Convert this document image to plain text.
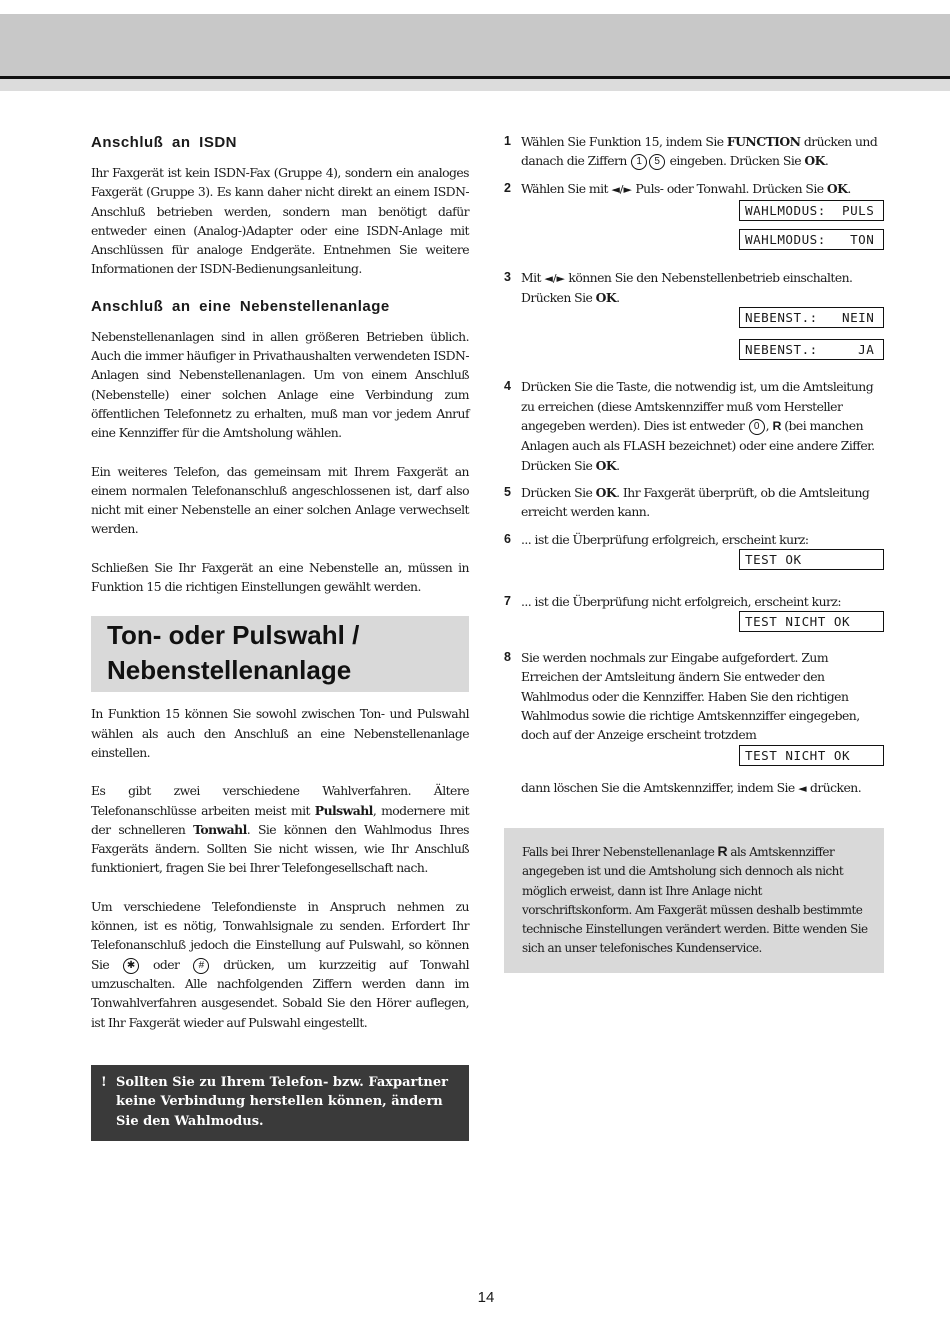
Anschluß an ISDN

Ihr Faxgerät ist kein ISDN-Fax (Gruppe 4), sondern ein analoges Faxgerät (Gruppe 3). Es kann daher nicht direkt an einem ISDN-Anschluß betrieben werden, sondern man benötigt dafür entweder einen (Analog-)Adapter oder eine ISDN-Anlage mit Anschlüssen für analoge Endgeräte. Entnehmen Sie weitere Informationen der ISDN-Bedienungsanleitung.

Anschluß an eine Nebenstellenanlage

Nebenstellenanlagen sind in allen größeren Betrieben üblich. Auch die immer häufiger in Privathaushalten verwendeten ISDN-Anlagen sind Nebenstellenanlagen. Um von einem Anschluß (Nebenstelle) einer solchen Anlage eine Verbindung zum öffentlichen Telefonnetz zu erhalten, muß man vor jedem Anruf eine Kennziffer für die Amtsholung wählen.

Ein weiteres Telefon, das gemeinsam mit Ihrem Faxgerät an einem normalen Telefonanschluß angeschlossenen ist, darf also nicht mit einer Nebenstelle an einer solchen Anlage verwechselt werden.

Schließen Sie Ihr Faxgerät an eine Nebenstelle an, müssen in Funktion 15 die richtigen Einstellungen gewählt werden.

Ton- oder Pulswahl /
Nebenstellenanlage

In Funktion 15 können Sie sowohl zwischen Ton- und Pulswahl wählen als auch den Anschluß an eine Nebenstellenanlage einstellen.

Es gibt zwei verschiedene Wahlverfahren. Ältere Telefonanschlüsse arbeiten meist mit Pulswahl, modernere mit der schnelleren Tonwahl. Sie können den Wahlmodus Ihres Faxgeräts ändern. Sollten Sie nicht wissen, wie Ihr Anschluß funktioniert, fragen Sie bei Ihrer Telefongesellschaft nach.

Um verschiedene Telefondienste in Anspruch nehmen zu können, ist es nötig, Tonwahlsignale zu senden. Erfordert Ihr Telefonanschluß jedoch die Einstellung auf Pulswahl, so können Sie ✱ oder # drücken, um kurzzeitig auf Tonwahl umzuschalten. Alle nachfolgenden Ziffern werden dann im Tonwahlverfahren ausgesendet. Sobald Sie den Hörer auflegen, ist Ihr Faxgerät wieder auf Pulswahl eingestellt.

! Sollten Sie zu Ihrem Telefon- bzw. Faxpartner keine Verbindung herstellen können, ändern Sie den Wahlmodus.
1 Wählen Sie Funktion 15, indem Sie FUNCTION drücken und danach die Ziffern 1 5 eingeben. Drücken Sie OK.
2 Wählen Sie mit ◄/► Puls- oder Tonwahl. Drücken Sie OK.
WAHLMODUS:  PULS
WAHLMODUS:   TON
3 Mit ◄/► können Sie den Nebenstellenbetrieb einschalten. Drücken Sie OK.
NEBENST.:   NEIN
NEBENST.:     JA
4 Drücken Sie die Taste, die notwendig ist, um die Amtsleitung zu erreichen (diese Amtskennziffer muß vom Hersteller angegeben werden). Dies ist entweder 0 , R (bei manchen Anlagen auch als FLASH bezeichnet) oder eine andere Ziffer. Drücken Sie OK.
5 Drücken Sie OK. Ihr Faxgerät überprüft, ob die Amtsleitung erreicht werden kann.
6 ... ist die Überprüfung erfolgreich, erscheint kurz:
TEST OK
7 ... ist die Überprüfung nicht erfolgreich, erscheint kurz:
TEST NICHT OK
8 Sie werden nochmals zur Eingabe aufgefordert. Zum Erreichen der Amtsleitung ändern Sie entweder den Wahlmodus oder die Kennziffer. Haben Sie den richtigen Wahlmodus sowie die richtige Amtskennziffer eingegeben, doch auf der Anzeige erscheint trotzdem
TEST NICHT OK
dann löschen Sie die Amtskennziffer, indem Sie ◄ drücken.
Falls bei Ihrer Nebenstellenanlage R als Amtskennziffer angegeben ist und die Amtsholung sich dennoch als nicht möglich erweist, dann ist Ihre Anlage nicht vorschriftskonform. Am Faxgerät müssen deshalb bestimmte technische Einstellungen verändert werden. Bitte wenden Sie sich an unser telefonisches Kundenservice.
14
